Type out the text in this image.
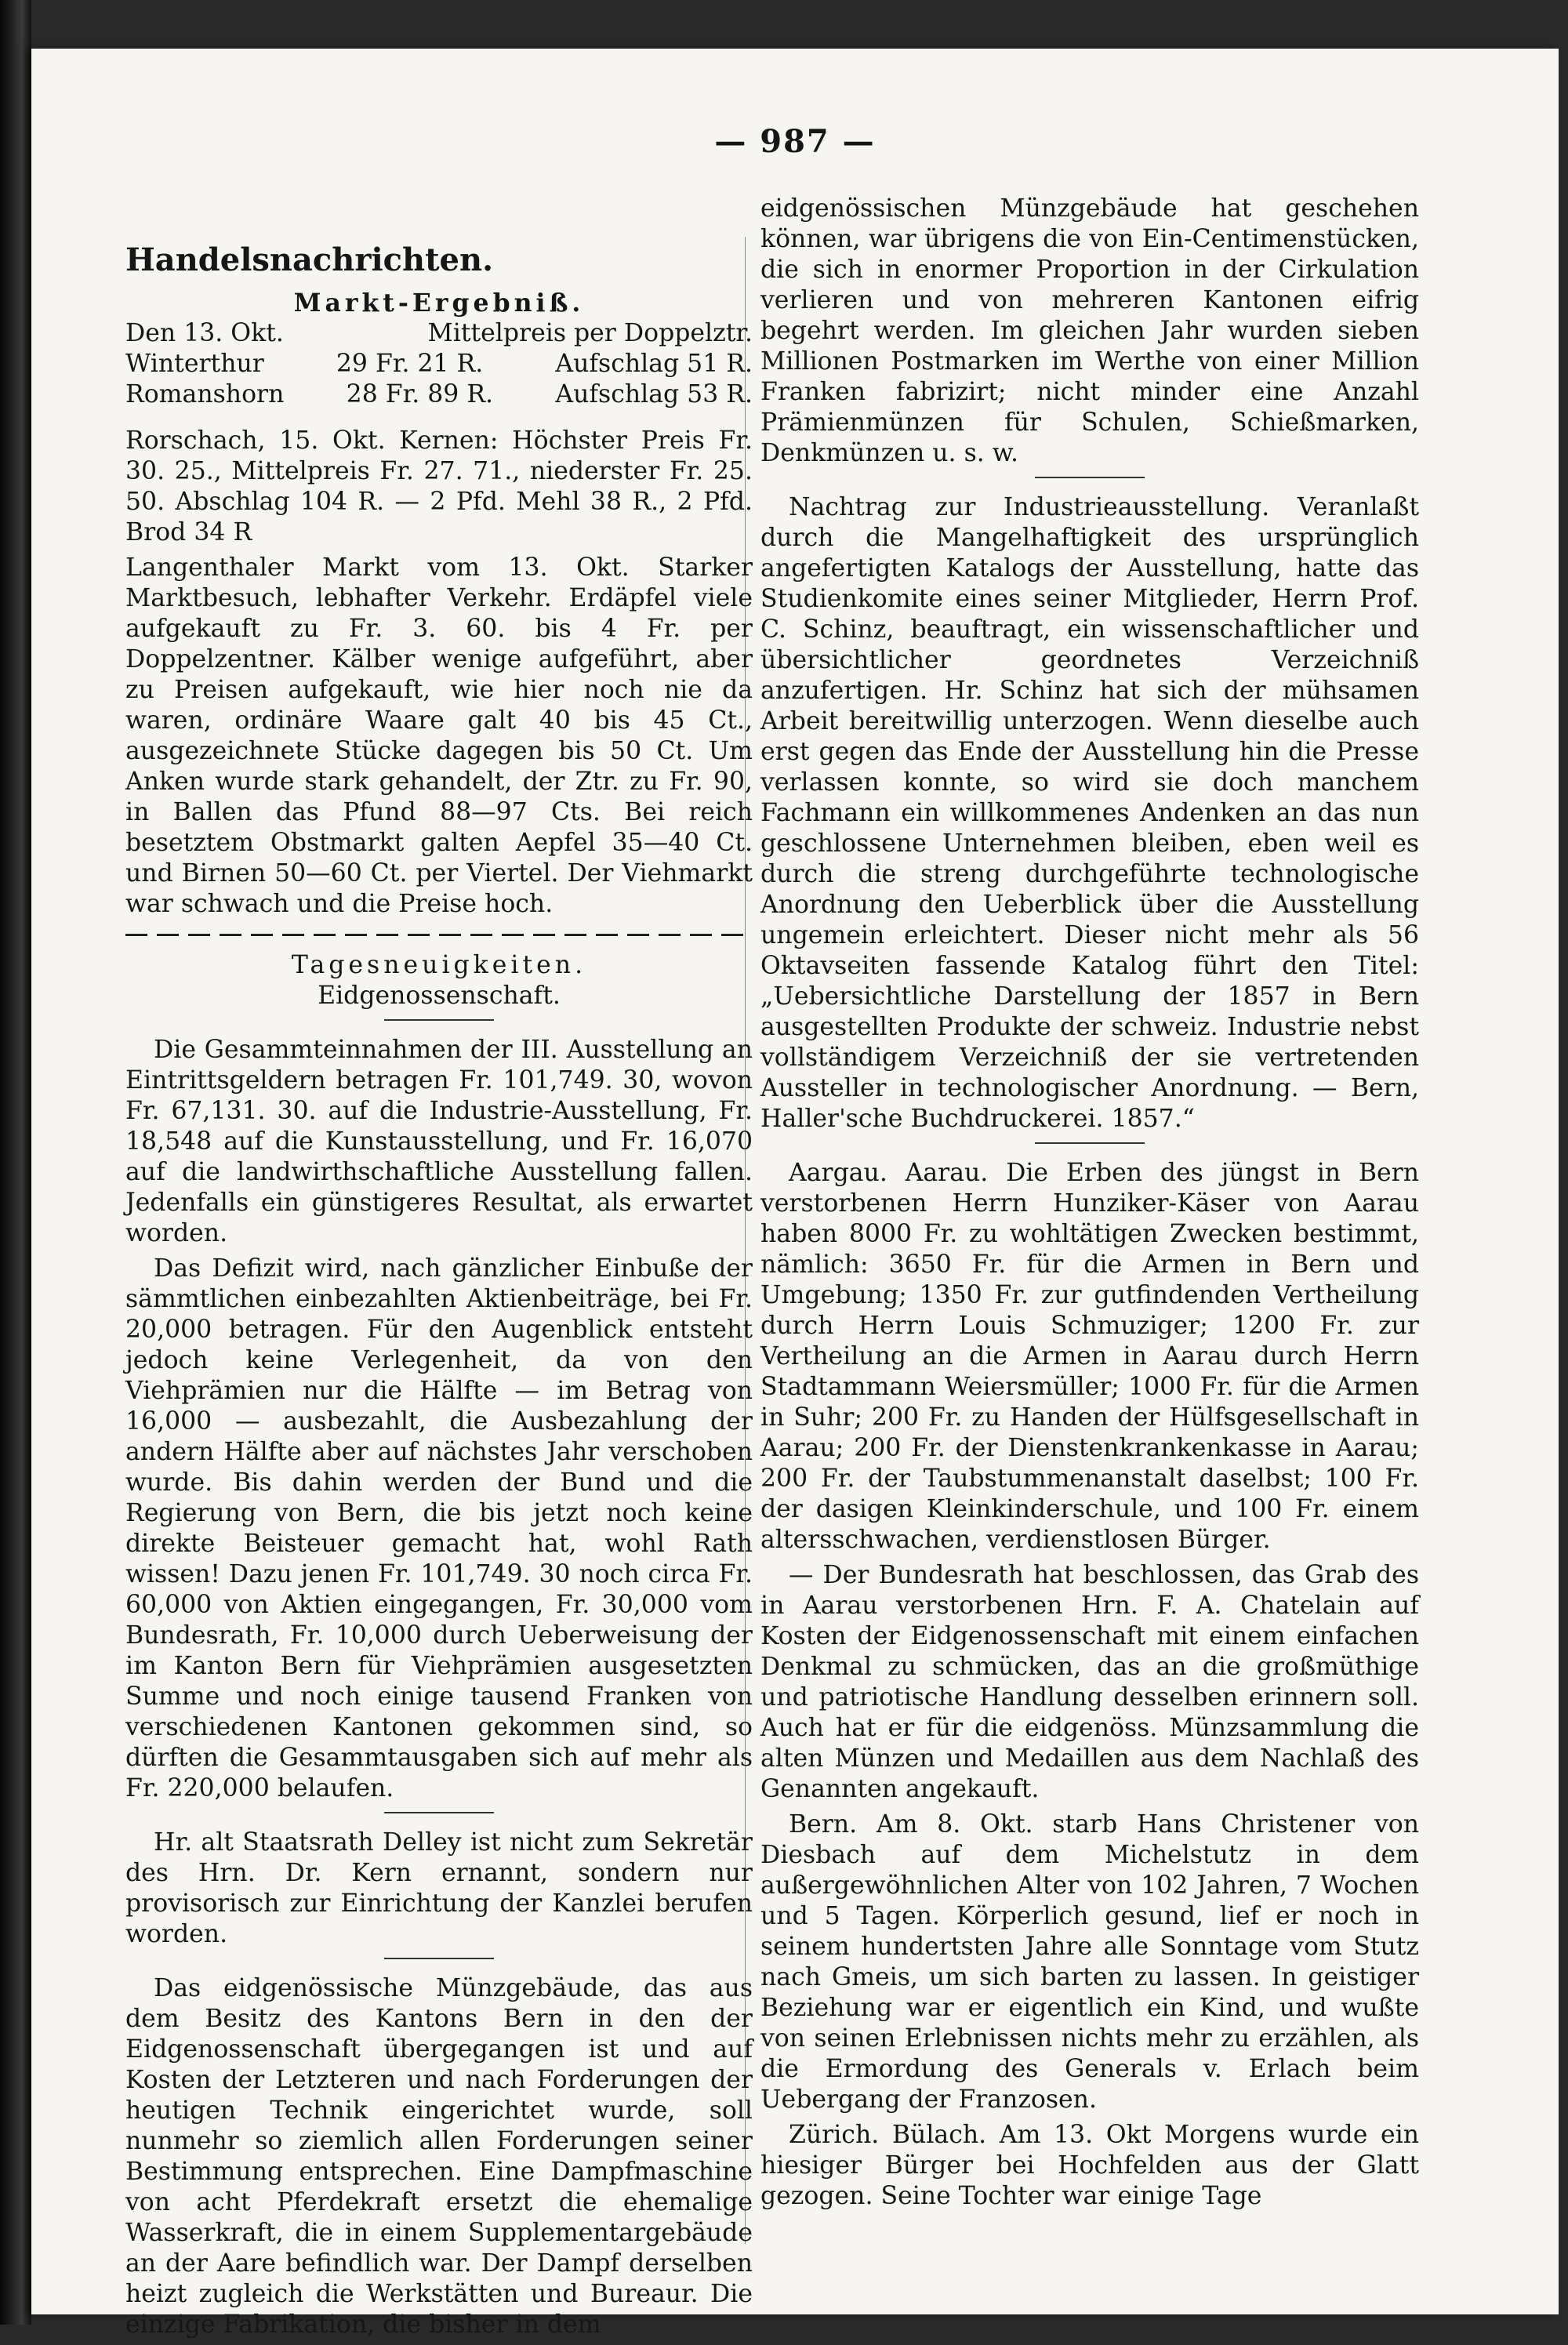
— 987 —
Handelsnachrichten.
Markt-Ergebniß.
Den 13. Okt.	Mittelpreis per Doppelztr.
Winterthur	29 Fr. 21 R.	Aufschlag 51 R.
Romanshorn	28 Fr. 89 R.	Aufschlag 53 R.

Rorschach, 15. Okt. Kernen: Höchster Preis Fr. 30. 25., Mittelpreis Fr. 27. 71., niederster Fr. 25. 50. Abschlag 104 R. — 2 Pfd. Mehl 38 R., 2 Pfd. Brod 34 R

Langenthaler Markt vom 13. Okt. Starker Marktbesuch, lebhafter Verkehr. Erdäpfel viele aufgekauft zu Fr. 3. 60. bis 4 Fr. per Doppelzentner. Kälber wenige aufgeführt, aber zu Preisen aufgekauft, wie hier noch nie da waren, ordinäre Waare galt 40 bis 45 Ct., ausgezeichnete Stücke dagegen bis 50 Ct. Um Anken wurde stark gehandelt, der Ztr. zu Fr. 90, in Ballen das Pfund 88—97 Cts. Bei reich besetztem Obstmarkt galten Aepfel 35—40 Ct. und Birnen 50—60 Ct. per Viertel. Der Viehmarkt war schwach und die Preise hoch.

Tagesneuigkeiten.
Eidgenossenschaft.

Die Gesammteinnahmen der III. Ausstellung an Eintrittsgeldern betragen Fr. 101,749. 30, wovon Fr. 67,131. 30. auf die Industrie-Ausstellung, Fr. 18,548 auf die Kunstausstellung, und Fr. 16,070 auf die landwirthschaftliche Ausstellung fallen. Jedenfalls ein günstigeres Resultat, als erwartet worden.

Das Defizit wird, nach gänzlicher Einbuße der sämmtlichen einbezahlten Aktienbeiträge, bei Fr. 20,000 betragen. Für den Augenblick entsteht jedoch keine Verlegenheit, da von den Viehprämien nur die Hälfte — im Betrag von 16,000 — ausbezahlt, die Ausbezahlung der andern Hälfte aber auf nächstes Jahr verschoben wurde. Bis dahin werden der Bund und die Regierung von Bern, die bis jetzt noch keine direkte Beisteuer gemacht hat, wohl Rath wissen! Dazu jenen Fr. 101,749. 30 noch circa Fr. 60,000 von Aktien eingegangen, Fr. 30,000 vom Bundesrath, Fr. 10,000 durch Ueberweisung der im Kanton Bern für Viehprämien ausgesetzten Summe und noch einige tausend Franken von verschiedenen Kantonen gekommen sind, so dürften die Gesammtausgaben sich auf mehr als Fr. 220,000 belaufen.

Hr. alt Staatsrath Delley ist nicht zum Sekretär des Hrn. Dr. Kern ernannt, sondern nur provisorisch zur Einrichtung der Kanzlei berufen worden.

Das eidgenössische Münzgebäude, das aus dem Besitz des Kantons Bern in den der Eidgenossenschaft übergegangen ist und auf Kosten der Letzteren und nach Forderungen der heutigen Technik eingerichtet wurde, soll nunmehr so ziemlich allen Forderungen seiner Bestimmung entsprechen. Eine Dampfmaschine von acht Pferdekraft ersetzt die ehemalige Wasserkraft, die in einem Supplementargebäude an der Aare befindlich war. Der Dampf derselben heizt zugleich die Werkstätten und Bureaur. Die einzige Fabrikation, die bisher in dem

eidgenössischen Münzgebäude hat geschehen können, war übrigens die von Ein-Centimenstücken, die sich in enormer Proportion in der Cirkulation verlieren und von mehreren Kantonen eifrig begehrt werden. Im gleichen Jahr wurden sieben Millionen Postmarken im Werthe von einer Million Franken fabrizirt; nicht minder eine Anzahl Prämienmünzen für Schulen, Schießmarken, Denkmünzen u. s. w.

Nachtrag zur Industrieausstellung. Veranlaßt durch die Mangelhaftigkeit des ursprünglich angefertigten Katalogs der Ausstellung, hatte das Studienkomite eines seiner Mitglieder, Herrn Prof. C. Schinz, beauftragt, ein wissenschaftlicher und übersichtlicher geordnetes Verzeichniß anzufertigen. Hr. Schinz hat sich der mühsamen Arbeit bereitwillig unterzogen. Wenn dieselbe auch erst gegen das Ende der Ausstellung hin die Presse verlassen konnte, so wird sie doch manchem Fachmann ein willkommenes Andenken an das nun geschlossene Unternehmen bleiben, eben weil es durch die streng durchgeführte technologische Anordnung den Ueberblick über die Ausstellung ungemein erleichtert. Dieser nicht mehr als 56 Oktavseiten fassende Katalog führt den Titel: „Uebersichtliche Darstellung der 1857 in Bern ausgestellten Produkte der schweiz. Industrie nebst vollständigem Verzeichniß der sie vertretenden Aussteller in technologischer Anordnung. — Bern, Haller'sche Buchdruckerei. 1857.“

Aargau. Aarau. Die Erben des jüngst in Bern verstorbenen Herrn Hunziker-Käser von Aarau haben 8000 Fr. zu wohltätigen Zwecken bestimmt, nämlich: 3650 Fr. für die Armen in Bern und Umgebung; 1350 Fr. zur gutfindenden Vertheilung durch Herrn Louis Schmuziger; 1200 Fr. zur Vertheilung an die Armen in Aarau durch Herrn Stadtammann Weiersmüller; 1000 Fr. für die Armen in Suhr; 200 Fr. zu Handen der Hülfsgesellschaft in Aarau; 200 Fr. der Dienstenkrankenkasse in Aarau; 200 Fr. der Taubstummenanstalt daselbst; 100 Fr. der dasigen Kleinkinderschule, und 100 Fr. einem altersschwachen, verdienstlosen Bürger.

— Der Bundesrath hat beschlossen, das Grab des in Aarau verstorbenen Hrn. F. A. Chatelain auf Kosten der Eidgenossenschaft mit einem einfachen Denkmal zu schmücken, das an die großmüthige und patriotische Handlung desselben erinnern soll. Auch hat er für die eidgenöss. Münzsammlung die alten Münzen und Medaillen aus dem Nachlaß des Genannten angekauft.

Bern. Am 8. Okt. starb Hans Christener von Diesbach auf dem Michelstutz in dem außergewöhnlichen Alter von 102 Jahren, 7 Wochen und 5 Tagen. Körperlich gesund, lief er noch in seinem hundertsten Jahre alle Sonntage vom Stutz nach Gmeis, um sich barten zu lassen. In geistiger Beziehung war er eigentlich ein Kind, und wußte von seinen Erlebnissen nichts mehr zu erzählen, als die Ermordung des Generals v. Erlach beim Uebergang der Franzosen.

Zürich. Bülach. Am 13. Okt Morgens wurde ein hiesiger Bürger bei Hochfelden aus der Glatt gezogen. Seine Tochter war einige Tage
